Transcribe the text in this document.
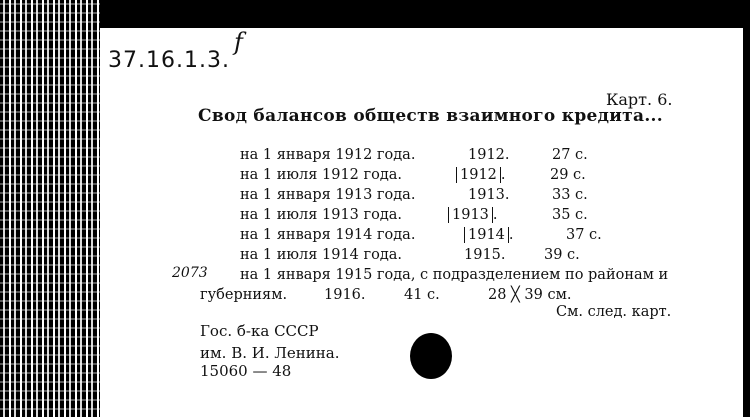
37.16.1.3.
f
Карт. 6.
Свод балансов обществ взаимного кредита...
на 1 января 1912 года.	1912.	27 с.
на 1 июля 1912 года.	1912 .	29 с.
на 1 января 1913 года.	1913.	33 с.
на 1 июля 1913 года.	1913 .	35 с.
на 1 января 1914 года.	1914 .	37 с.
на 1 июля 1914 года.	1915.	39 с.
2073 на 1 января 1915 года, с подразделением по районам и
губерниям.	1916.	41 с.	28 ╳ 39 см.
См. след. карт.
Гос. б-ка СССР
им. В. И. Ленина.
15060 — 48
